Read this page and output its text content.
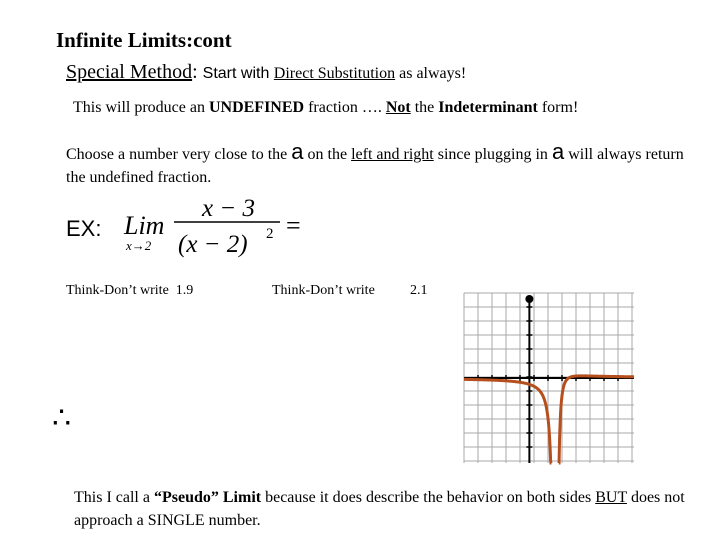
Infinite Limits:cont
Special Method: Start with Direct Substitution as always!
This will produce an UNDEFINED fraction …. Not the Indeterminant form!
Choose a number very close to the a on the left and right since plugging in a will always return the undefined fraction.
EX: Lim
x→2
x − 3
(x − 2) 2 =
Think-Don’t write 1.9	Think-Don’t write	2.1
∴
This I call a “Pseudo” Limit because it does describe the behavior on both sides BUT does not approach a SINGLE number.
